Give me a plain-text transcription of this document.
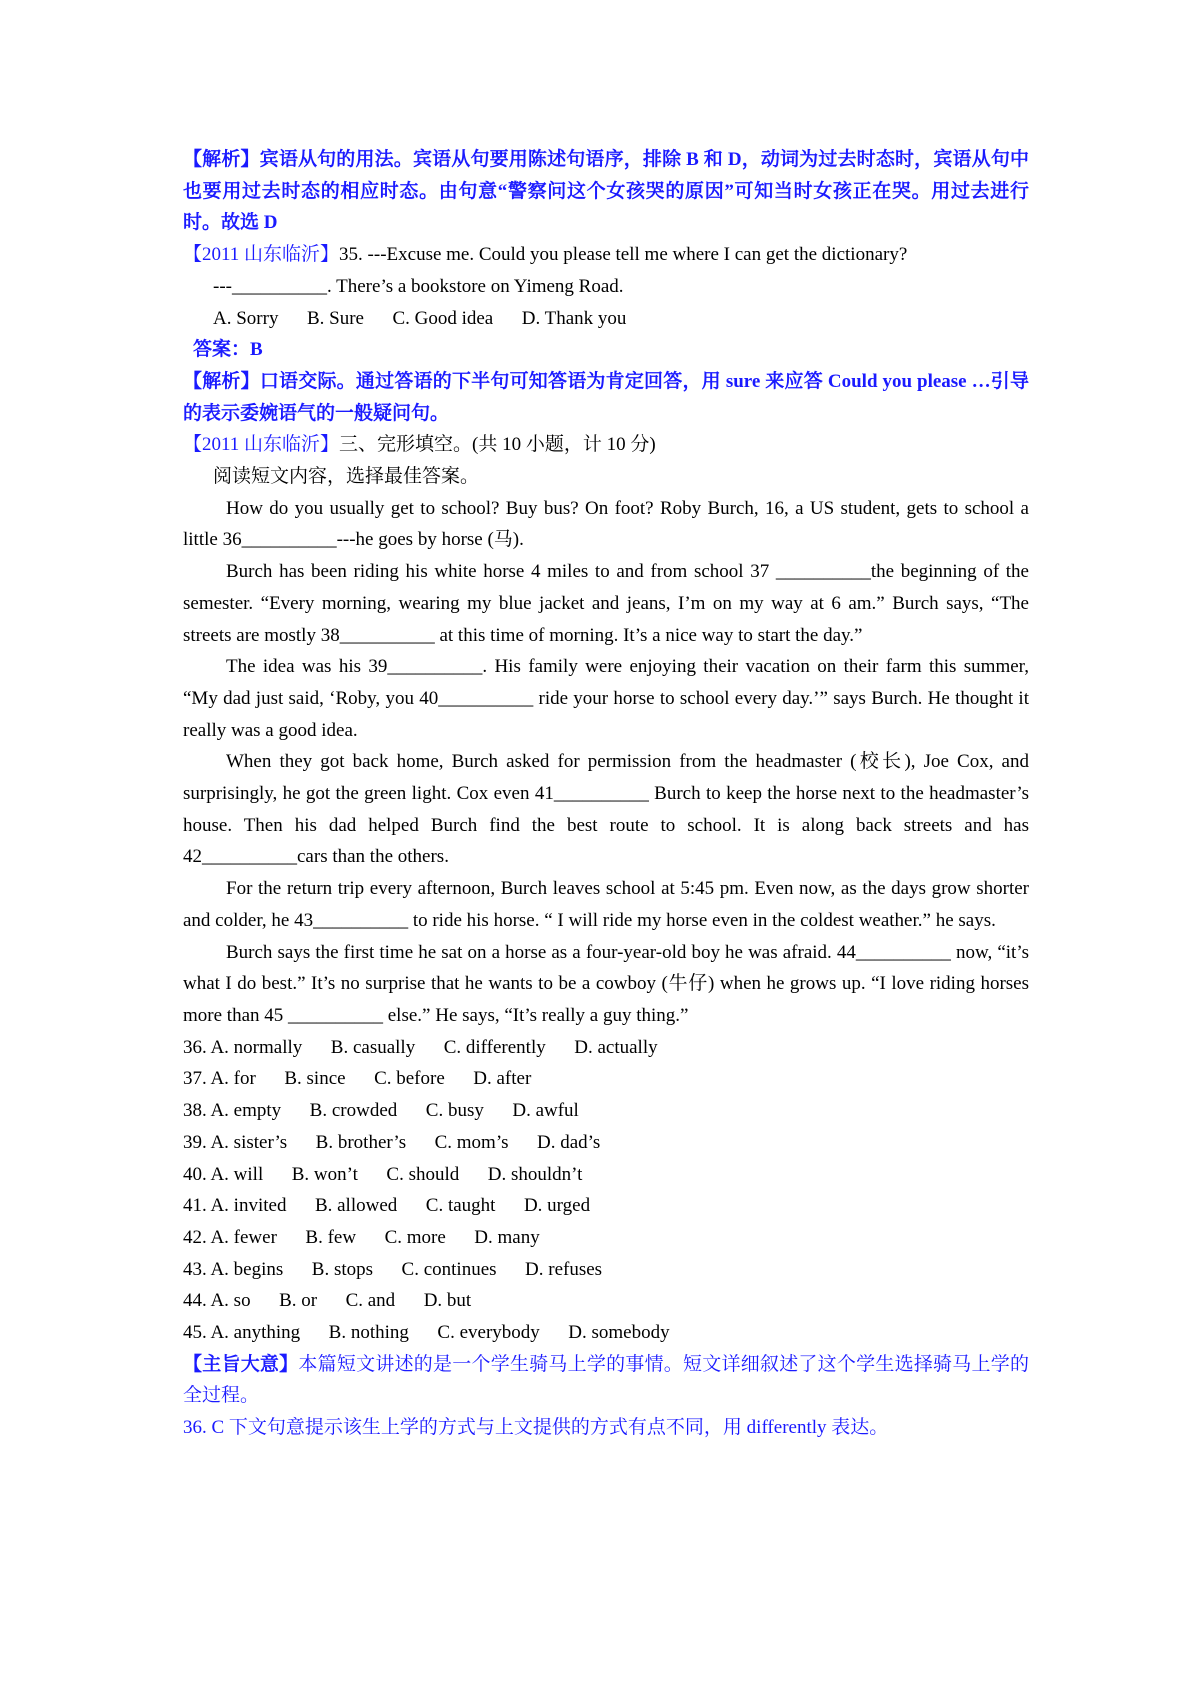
【解析】宾语从句的用法。宾语从句要用陈述句语序，排除 B 和 D，动词为过去时态时，宾语从句中也要用过去时态的相应时态。由句意“警察问这个女孩哭的原因”可知当时女孩正在哭。用过去进行时。故选 D

【2011 山东临沂】35. ---Excuse me. Could you please tell me where I can get the dictionary?

---__________. There’s a bookstore on Yimeng Road.

A. Sorry B. Sure C. Good idea D. Thank you

答案：B

【解析】口语交际。通过答语的下半句可知答语为肯定回答，用 sure 来应答 Could you please …引导的表示委婉语气的一般疑问句。

【2011 山东临沂】三、完形填空。(共 10 小题，计 10 分)

阅读短文内容，选择最佳答案。

How do you usually get to school? Buy bus? On foot? Roby Burch, 16, a US student, gets to school a little 36__________---he goes by horse (马).

Burch has been riding his white horse 4 miles to and from school 37 __________the beginning of the semester. “Every morning, wearing my blue jacket and jeans, I’m on my way at 6 am.” Burch says, “The streets are mostly 38__________ at this time of morning. It’s a nice way to start the day.”

The idea was his 39__________. His family were enjoying their vacation on their farm this summer, “My dad just said, ‘Roby, you 40__________ ride your horse to school every day.’” says Burch. He thought it really was a good idea.

When they got back home, Burch asked for permission from the headmaster (校长), Joe Cox, and surprisingly, he got the green light. Cox even 41__________ Burch to keep the horse next to the headmaster’s house. Then his dad helped Burch find the best route to school. It is along back streets and has 42__________cars than the others.

For the return trip every afternoon, Burch leaves school at 5:45 pm. Even now, as the days grow shorter and colder, he 43__________ to ride his horse. “ I will ride my horse even in the coldest weather.” he says.

Burch says the first time he sat on a horse as a four-year-old boy he was afraid. 44__________ now, “it’s what I do best.” It’s no surprise that he wants to be a cowboy (牛仔) when he grows up. “I love riding horses more than 45 __________ else.” He says, “It’s really a guy thing.”

36. A. normally B. casually C. differently D. actually

37. A. for B. since C. before D. after

38. A. empty B. crowded C. busy D. awful

39. A. sister’s B. brother’s C. mom’s D. dad’s

40. A. will B. won’t C. should D. shouldn’t

41. A. invited B. allowed C. taught D. urged

42. A. fewer B. few C. more D. many

43. A. begins B. stops C. continues D. refuses

44. A. so B. or C. and D. but

45. A. anything B. nothing C. everybody D. somebody

【主旨大意】本篇短文讲述的是一个学生骑马上学的事情。短文详细叙述了这个学生选择骑马上学的全过程。

36. C 下文句意提示该生上学的方式与上文提供的方式有点不同，用 differently 表达。
